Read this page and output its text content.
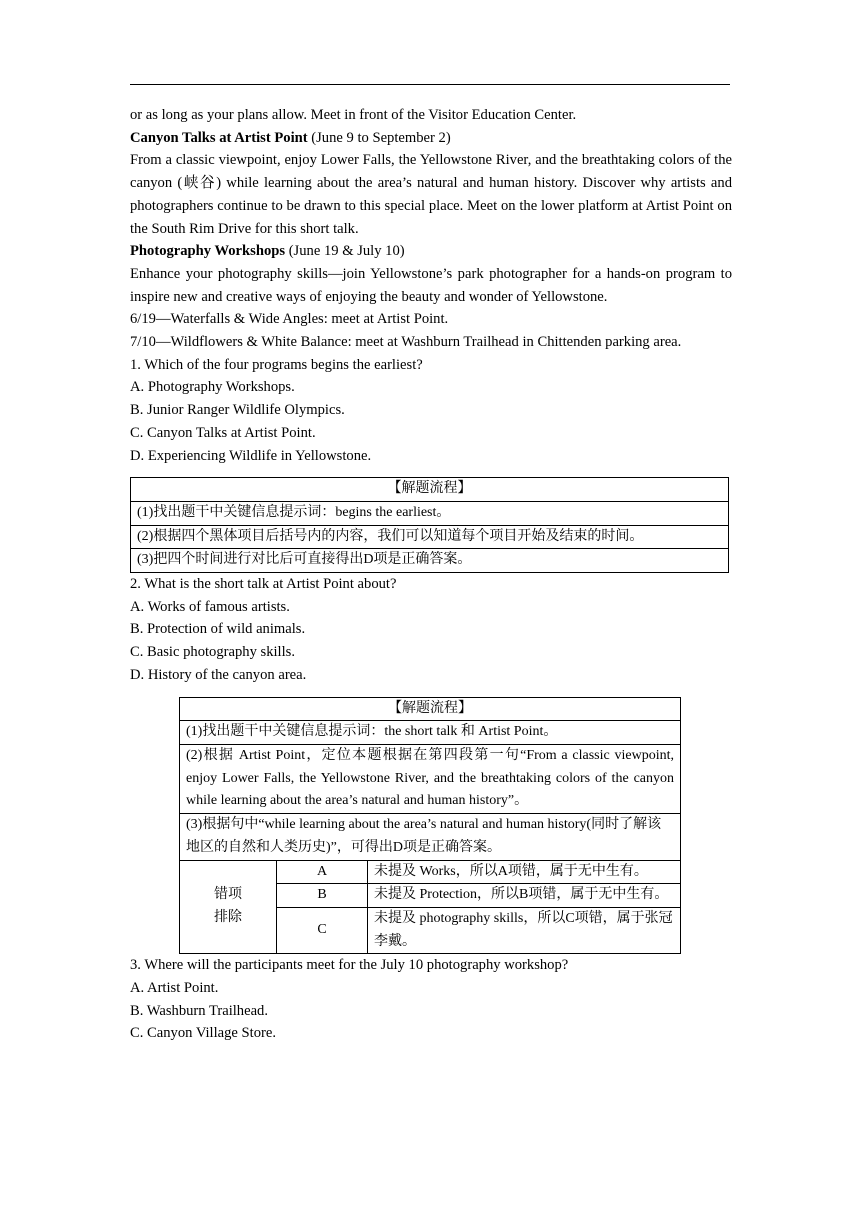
or as long as your plans allow. Meet in front of the Visitor Education Center.

Canyon Talks at Artist Point (June 9 to September 2)

From a classic viewpoint, enjoy Lower Falls, the Yellowstone River, and the breathtaking colors of the canyon (峡谷) while learning about the area’s natural and human history. Discover why artists and photographers continue to be drawn to this special place. Meet on the lower platform at Artist Point on the South Rim Drive for this short talk.

Photography Workshops (June 19 & July 10)

Enhance your photography skills—join Yellowstone’s park photographer for a hands-on program to inspire new and creative ways of enjoying the beauty and wonder of Yellowstone.

6/19—Waterfalls & Wide Angles: meet at Artist Point.

7/10—Wildflowers & White Balance: meet at Washburn Trailhead in Chittenden parking area.

1. Which of the four programs begins the earliest?

A. Photography Workshops.

B. Junior Ranger Wildlife Olympics.

C. Canyon Talks at Artist Point.

D. Experiencing Wildlife in Yellowstone.

【解题流程】
(1)找出题干中关键信息提示词：begins the earliest。
(2)根据四个黑体项目后括号内的内容，我们可以知道每个项目开始及结束的时间。
(3)把四个时间进行对比后可直接得出D项是正确答案。

2. What is the short talk at Artist Point about?

A. Works of famous artists.

B. Protection of wild animals.

C. Basic photography skills.

D. History of the canyon area.

【解题流程】		
(1)找出题干中关键信息提示词：the short talk 和 Artist Point。		
(2)根据 Artist Point，定位本题根据在第四段第一句“From a classic viewpoint, enjoy Lower Falls, the Yellowstone River, and the breathtaking colors of the canyon while learning about the area’s natural and human history”。		
(3)根据句中“while learning about the area’s natural and human history(同时了解该地区的自然和人类历史)”，可得出D项是正确答案。		
错项
排除	A	未提及 Works，所以A项错，属于无中生有。
	B	未提及 Protection，所以B项错，属于无中生有。
	C	未提及 photography skills，所以C项错，属于张冠李戴。

3. Where will the participants meet for the July 10 photography workshop?

A. Artist Point.

B. Washburn Trailhead.

C. Canyon Village Store.
